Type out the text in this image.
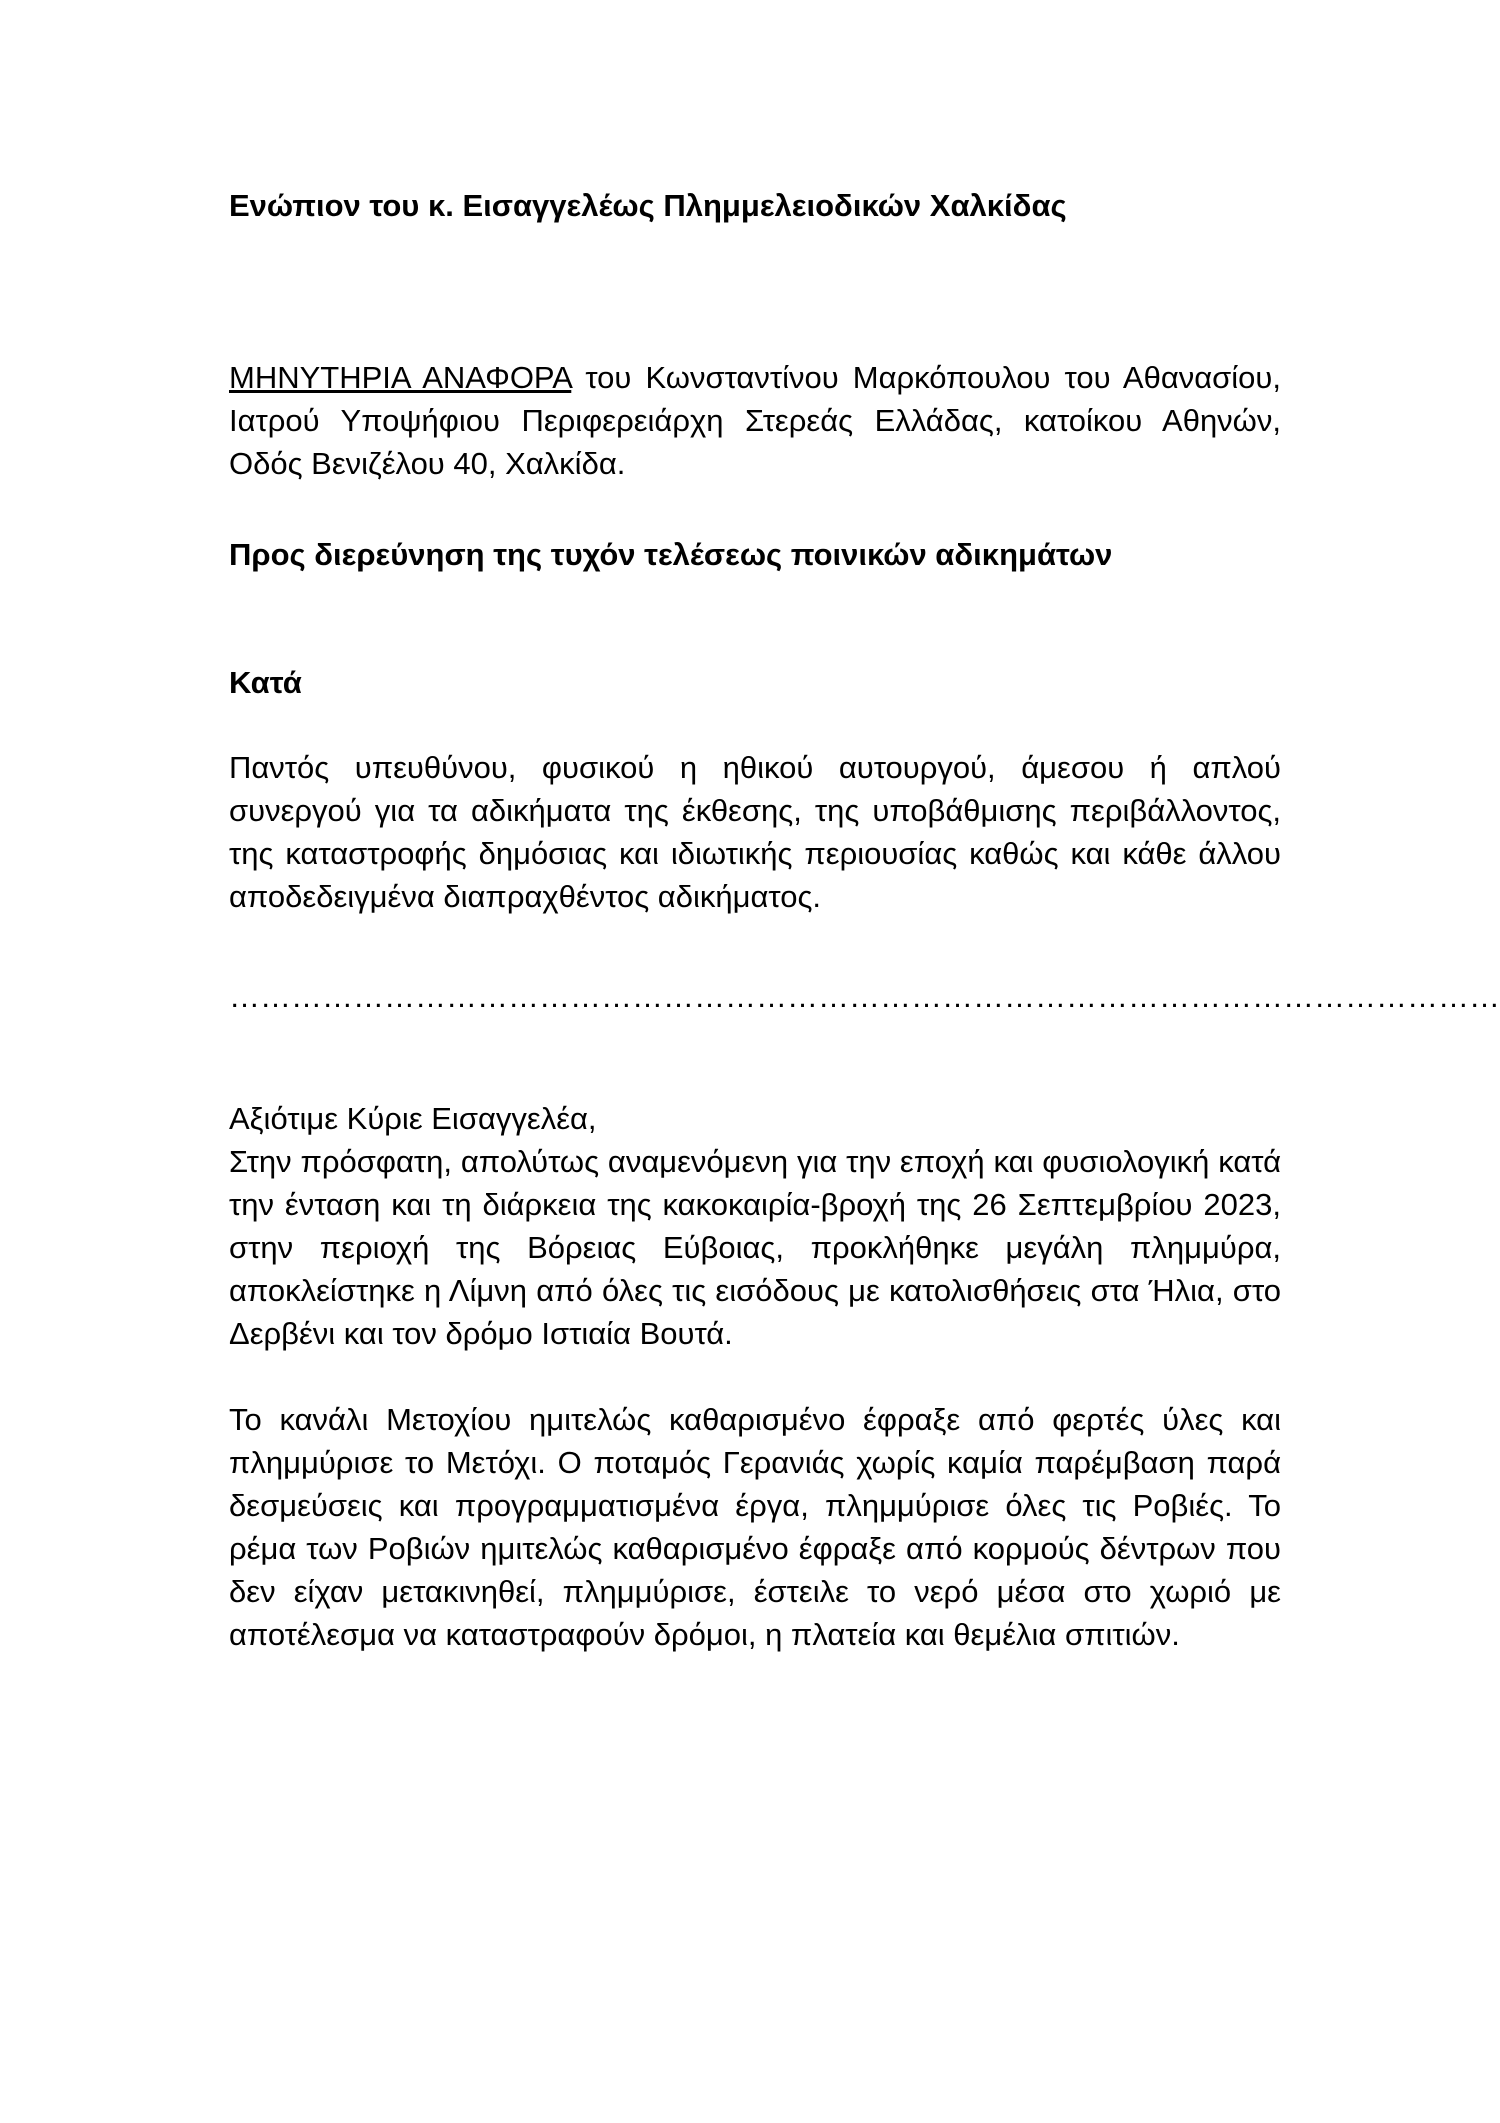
Ενώπιον του κ. Εισαγγελέως Πλημμελειοδικών Χαλκίδας
ΜΗΝΥΤΗΡΙΑ ΑΝΑΦΟΡΑ του Κωνσταντίνου Μαρκόπουλου του Αθανασίου, Ιατρού Υποψήφιου Περιφερειάρχη Στερεάς Ελλάδας, κατοίκου Αθηνών, Οδός Βενιζέλου 40, Χαλκίδα.
Προς διερεύνηση της τυχόν τελέσεως ποινικών αδικημάτων
Κατά
Παντός υπευθύνου, φυσικού η ηθικού αυτουργού, άμεσου ή απλού συνεργού για τα αδικήματα της έκθεσης, της υποβάθμισης περιβάλλοντος, της καταστροφής δημόσιας και ιδιωτικής περιουσίας καθώς και κάθε άλλου αποδεδειγμένα διαπραχθέντος αδικήματος.
……………………………………………………………………………………………………………
Αξιότιμε Κύριε Εισαγγελέα,
Στην πρόσφατη, απολύτως αναμενόμενη για την εποχή και φυσιολογική κατά την ένταση και τη διάρκεια της κακοκαιρία-βροχή της 26 Σεπτεμβρίου 2023, στην περιοχή της Βόρειας Εύβοιας, προκλήθηκε μεγάλη πλημμύρα, αποκλείστηκε η Λίμνη από όλες τις εισόδους με κατολισθήσεις στα Ήλια, στο Δερβένι και τον δρόμο Ιστιαία Βουτά.
Το κανάλι Μετοχίου ημιτελώς καθαρισμένο έφραξε από φερτές ύλες και πλημμύρισε το Μετόχι. Ο ποταμός Γερανιάς χωρίς καμία παρέμβαση παρά δεσμεύσεις και προγραμματισμένα έργα, πλημμύρισε όλες τις Ροβιές. Το ρέμα των Ροβιών ημιτελώς καθαρισμένο έφραξε από κορμούς δέντρων που δεν είχαν μετακινηθεί, πλημμύρισε, έστειλε το νερό μέσα στο χωριό με αποτέλεσμα να καταστραφούν δρόμοι, η πλατεία και θεμέλια σπιτιών.
